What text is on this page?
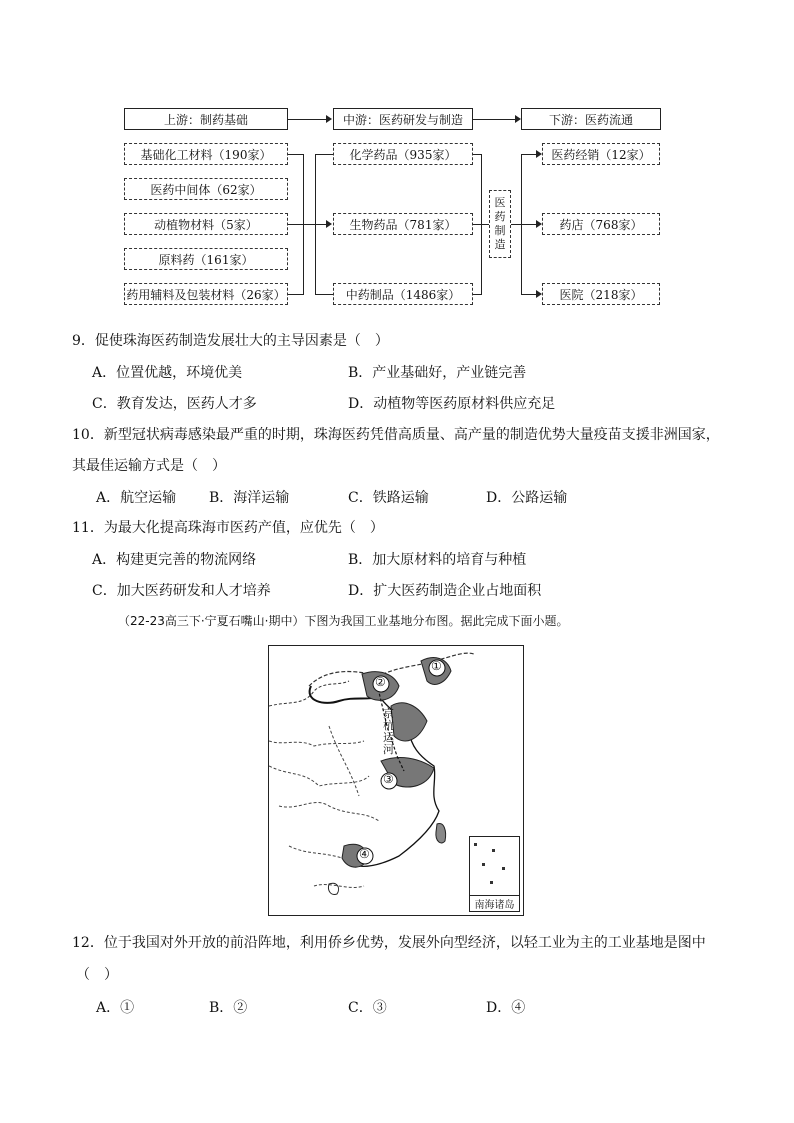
上游：制药基础	中游：医药研发与制造	下游：医药流通
基础化工材料（190家）
医药中间体（62家）
动植物材料（5家）
原料药（161家）
药用辅料及包装材料（26家）
化学药品（935家）
生物药品（781家）
中药制品（1486家）
医
药
制
造
医药经销（12家）
药店（768家）
医院（218家）
9．促使珠海医药制造发展壮大的主导因素是（　）
A．位置优越，环境优美	B．产业基础好，产业链完善
C．教育发达，医药人才多	D．动植物等医药原材料供应充足
10．新型冠状病毒感染最严重的时期，珠海医药凭借高质量、高产量的制造优势大量疫苗支援非洲国家，
其最佳运输方式是（　）
A．航空运输 B．海洋运输	C．铁路运输	D．公路运输
11．为最大化提高珠海市医药产值，应优先（　）
A．构建更完善的物流网络	B．加大原材料的培育与种植
C．加大医药研发和人才培养	D．扩大医药制造企业占地面积
（22-23高三下·宁夏石嘴山·期中）下图为我国工业基地分布图。据此完成下面小题。
①
②
③
④
京杭运河
南海诸岛
12．位于我国对外开放的前沿阵地，利用侨乡优势，发展外向型经济，以轻工业为主的工业基地是图中
（　）
A．①	B．②	C．③	D．④
